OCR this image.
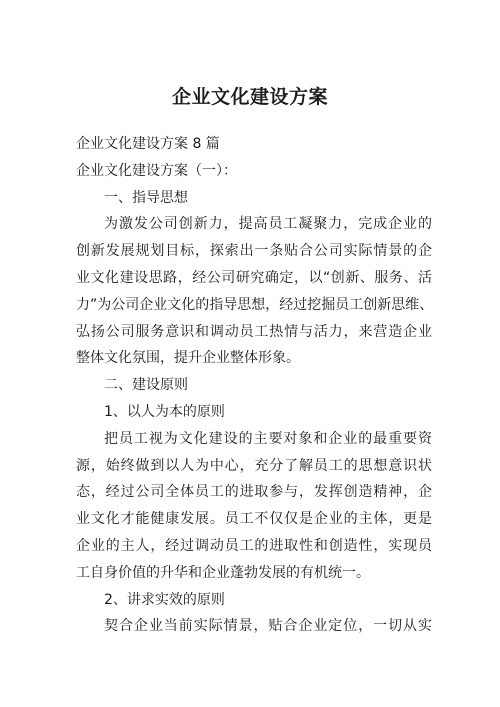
企业文化建设方案
企业文化建设方案 8 篇
企业文化建设方案（一）：
一、指导思想
为激发公司创新力，提高员工凝聚力，完成企业的
创新发展规划目标，探索出一条贴合公司实际情景的企
业文化建设思路，经公司研究确定，以“创新、服务、活
力”为公司企业文化的指导思想，经过挖掘员工创新思维、
弘扬公司服务意识和调动员工热情与活力，来营造企业
整体文化氛围，提升企业整体形象。
二、建设原则
1、以人为本的原则
把员工视为文化建设的主要对象和企业的最重要资
源，始终做到以人为中心，充分了解员工的思想意识状
态，经过公司全体员工的进取参与，发挥创造精神，企
业文化才能健康发展。员工不仅仅是企业的主体，更是
企业的主人，经过调动员工的进取性和创造性，实现员
工自身价值的升华和企业蓬勃发展的有机统一。
2、讲求实效的原则
契合企业当前实际情景，贴合企业定位，一切从实
